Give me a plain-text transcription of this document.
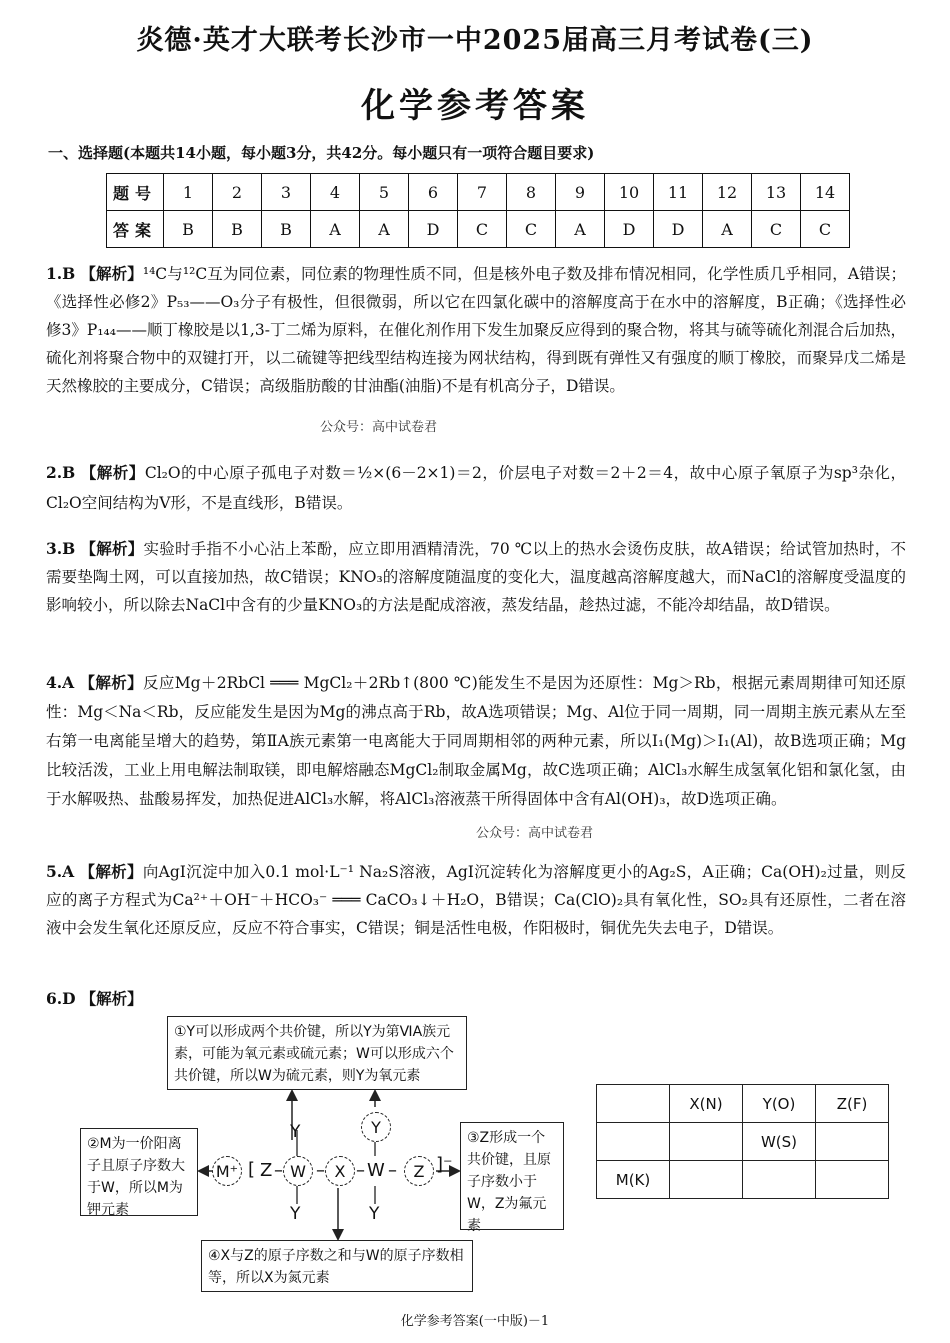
炎德·英才大联考长沙市一中2025届高三月考试卷(三)
化学参考答案
一、选择题(本题共14小题，每小题3分，共42分。每小题只有一项符合题目要求)
题号	1	2	3	4	5	6	7	8	9	10	11	12	13	14
答案	B	B	B	A	A	D	C	C	A	D	D	A	C	C
1.B 【解析】¹⁴C与¹²C互为同位素，同位素的物理性质不同，但是核外电子数及排布情况相同，化学性质几乎相同，A错误；《选择性必修2》P₅₃——O₃分子有极性，但很微弱，所以它在四氯化碳中的溶解度高于在水中的溶解度，B正确；《选择性必修3》P₁₄₄——顺丁橡胶是以1,3-丁二烯为原料，在催化剂作用下发生加聚反应得到的聚合物，将其与硫等硫化剂混合后加热，硫化剂将聚合物中的双键打开，以二硫键等把线型结构连接为网状结构，得到既有弹性又有强度的顺丁橡胶，而聚异戊二烯是天然橡胶的主要成分，C错误；高级脂肪酸的甘油酯(油脂)不是有机高分子，D错误。
公众号：高中试卷君
2.B 【解析】Cl₂O的中心原子孤电子对数＝½×(6－2×1)＝2，价层电子对数＝2＋2＝4，故中心原子氧原子为sp³杂化，Cl₂O空间结构为V形，不是直线形，B错误。
3.B 【解析】实验时手指不小心沾上苯酚，应立即用酒精清洗，70 ℃以上的热水会烫伤皮肤，故A错误；给试管加热时，不需要垫陶土网，可以直接加热，故C错误；KNO₃的溶解度随温度的变化大，温度越高溶解度越大，而NaCl的溶解度受温度的影响较小，所以除去NaCl中含有的少量KNO₃的方法是配成溶液，蒸发结晶，趁热过滤，不能冷却结晶，故D错误。
4.A 【解析】反应Mg＋2RbCl ═══ MgCl₂＋2Rb↑(800 ℃)能发生不是因为还原性：Mg＞Rb，根据元素周期律可知还原性：Mg＜Na＜Rb，反应能发生是因为Mg的沸点高于Rb，故A选项错误；Mg、Al位于同一周期，同一周期主族元素从左至右第一电离能呈增大的趋势，第ⅡA族元素第一电离能大于同周期相邻的两种元素，所以I₁(Mg)＞I₁(Al)，故B选项正确；Mg比较活泼，工业上用电解法制取镁，即电解熔融态MgCl₂制取金属Mg，故C选项正确；AlCl₃水解生成氢氧化铝和氯化氢，由于水解吸热、盐酸易挥发，加热促进AlCl₃水解，将AlCl₃溶液蒸干所得固体中含有Al(OH)₃，故D选项正确。
公众号：高中试卷君
5.A 【解析】向AgI沉淀中加入0.1 mol·L⁻¹ Na₂S溶液，AgI沉淀转化为溶解度更小的Ag₂S，A正确；Ca(OH)₂过量，则反应的离子方程式为Ca²⁺＋OH⁻＋HCO₃⁻ ═══ CaCO₃↓＋H₂O，B错误；Ca(ClO)₂具有氧化性，SO₂具有还原性，二者在溶液中会发生氧化还原反应，反应不符合事实，C错误；铜是活性电极，作阳极时，铜优先失去电子，D错误。
6.D 【解析】
①Y可以形成两个共价键，所以Y为第ⅥA族元素，可能为氧元素或硫元素；W可以形成六个共价键，所以W为硫元素，则Y为氧元素
②M为一价阳离子且原子序数大于W，所以M为钾元素
③Z形成一个共价键，且原子序数小于W，Z为氟元素
④X与Z的原子序数之和与W的原子序数相等，所以X为氮元素
M⁺ [ Z – W – X – W –	Z ]⁻
Y
Y
Y
Y
	X(N)	Y(O)	Z(F)
		W(S)	
M(K)			
化学参考答案(一中版)－1
